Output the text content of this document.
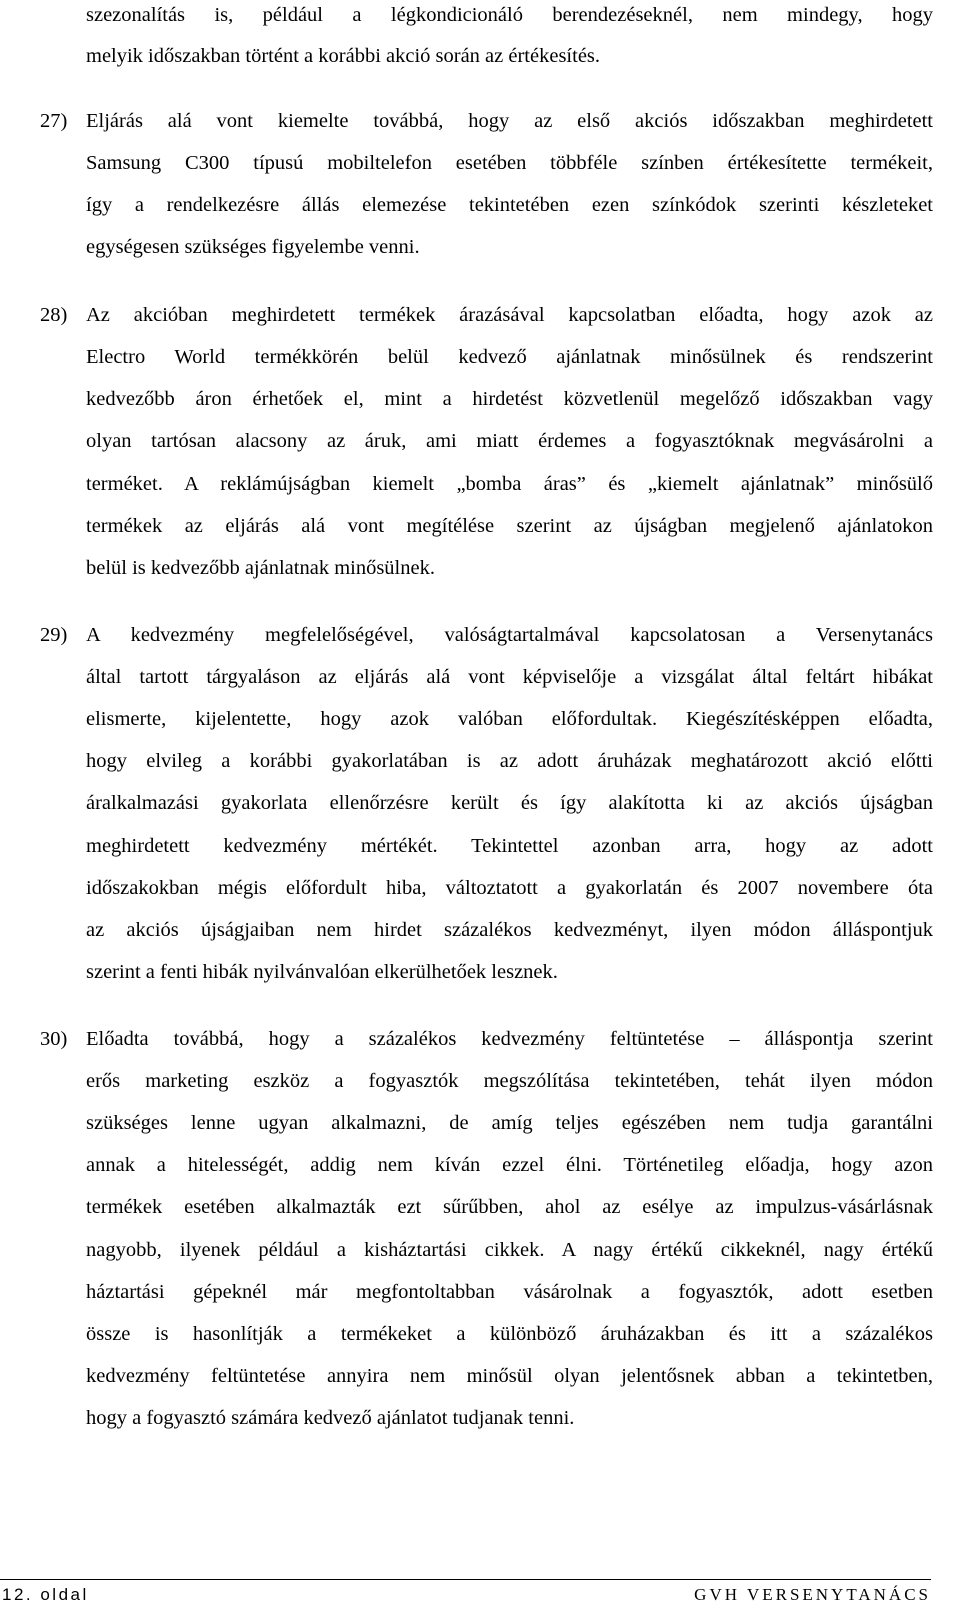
szezonalítás is, például a légkondicionáló berendezéseknél, nem mindegy, hogy
melyik időszakban történt a korábbi akció során az értékesítés.
27) Eljárás alá vont kiemelte továbbá, hogy az első akciós időszakban meghirdetett
Samsung C300 típusú mobiltelefon esetében többféle színben értékesítette termékeit,
így a rendelkezésre állás elemezése tekintetében ezen színkódok szerinti készleteket
egységesen szükséges figyelembe venni.
28) Az akcióban meghirdetett termékek árazásával kapcsolatban előadta, hogy azok az
Electro World termékkörén belül kedvező ajánlatnak minősülnek és rendszerint
kedvezőbb áron érhetőek el, mint a hirdetést közvetlenül megelőző időszakban vagy
olyan tartósan alacsony az áruk, ami miatt érdemes a fogyasztóknak megvásárolni a
terméket. A reklámújságban kiemelt „bomba áras” és „kiemelt ajánlatnak” minősülő
termékek az eljárás alá vont megítélése szerint az újságban megjelenő ajánlatokon
belül is kedvezőbb ajánlatnak minősülnek.
29) A kedvezmény megfelelőségével, valóságtartalmával kapcsolatosan a Versenytanács
által tartott tárgyaláson az eljárás alá vont képviselője a vizsgálat által feltárt hibákat
elismerte, kijelentette, hogy azok valóban előfordultak. Kiegészítésképpen előadta,
hogy elvileg a korábbi gyakorlatában is az adott áruházak meghatározott akció előtti
áralkalmazási gyakorlata ellenőrzésre került és így alakította ki az akciós újságban
meghirdetett kedvezmény mértékét. Tekintettel azonban arra, hogy az adott
időszakokban mégis előfordult hiba, változtatott a gyakorlatán és 2007 novembere óta
az akciós újságjaiban nem hirdet százalékos kedvezményt, ilyen módon álláspontjuk
szerint a fenti hibák nyilvánvalóan elkerülhetőek lesznek.
30) Előadta továbbá, hogy a százalékos kedvezmény feltüntetése – álláspontja szerint
erős marketing eszköz a fogyasztók megszólítása tekintetében, tehát ilyen módon
szükséges lenne ugyan alkalmazni, de amíg teljes egészében nem tudja garantálni
annak a hitelességét, addig nem kíván ezzel élni. Történetileg előadja, hogy azon
termékek esetében alkalmazták ezt sűrűbben, ahol az esélye az impulzus-vásárlásnak
nagyobb, ilyenek például a kisháztartási cikkek. A nagy értékű cikkeknél, nagy értékű
háztartási gépeknél már megfontoltabban vásárolnak a fogyasztók, adott esetben
össze is hasonlítják a termékeket a különböző áruházakban és itt a százalékos
kedvezmény feltüntetése annyira nem minősül olyan jelentősnek abban a tekintetben,
hogy a fogyasztó számára kedvező ajánlatot tudjanak tenni.
12. oldal	GVH VERSENYTANÁCS
